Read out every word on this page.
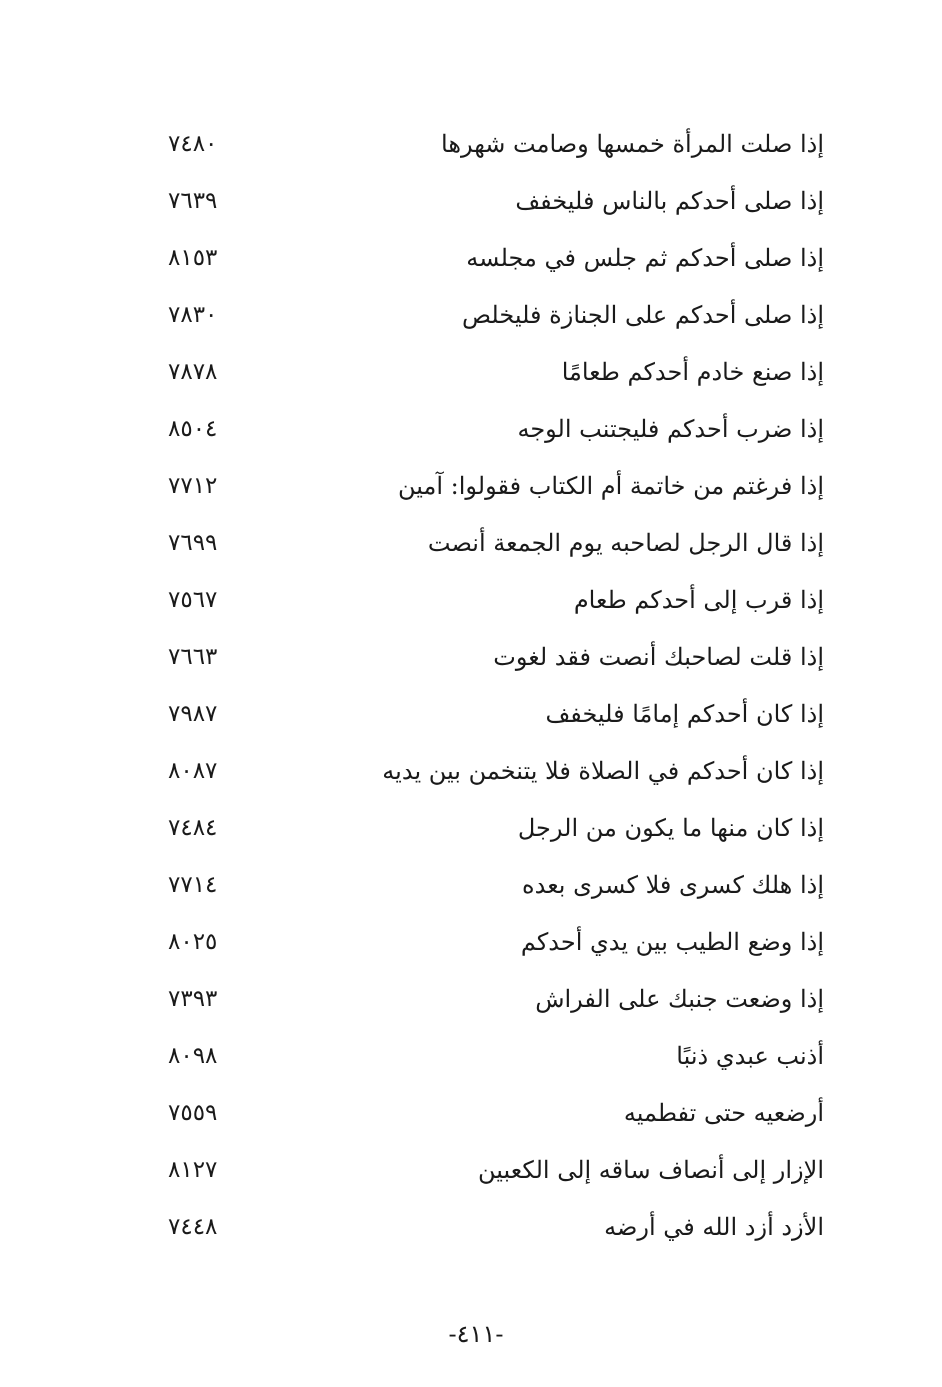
إذا صلت المرأة خمسها وصامت شهرها
٧٤٨٠
إذا صلى أحدكم بالناس فليخفف
٧٦٣٩
إذا صلى أحدكم ثم جلس في مجلسه
٨١٥٣
إذا صلى أحدكم على الجنازة فليخلص
٧٨٣٠
إذا صنع خادم أحدكم طعامًا
٧٨٧٨
إذا ضرب أحدكم فليجتنب الوجه
٨٥٠٤
إذا فرغتم من خاتمة أم الكتاب فقولوا: آمين
٧٧١٢
إذا قال الرجل لصاحبه يوم الجمعة أنصت
٧٦٩٩
إذا قرب إلى أحدكم طعام
٧٥٦٧
إذا قلت لصاحبك أنصت فقد لغوت
٧٦٦٣
إذا كان أحدكم إمامًا فليخفف
٧٩٨٧
إذا كان أحدكم في الصلاة فلا يتنخمن بين يديه
٨٠٨٧
إذا كان منها ما يكون من الرجل
٧٤٨٤
إذا هلك كسرى فلا كسرى بعده
٧٧١٤
إذا وضع الطيب بين يدي أحدكم
٨٠٢٥
إذا وضعت جنبك على الفراش
٧٣٩٣
أذنب عبدي ذنبًا
٨٠٩٨
أرضعيه حتى تفطميه
٧٥٥٩
الإزار إلى أنصاف ساقه إلى الكعبين
٨١٢٧
الأزد أزد الله في أرضه
٧٤٤٨
-٤١١-
